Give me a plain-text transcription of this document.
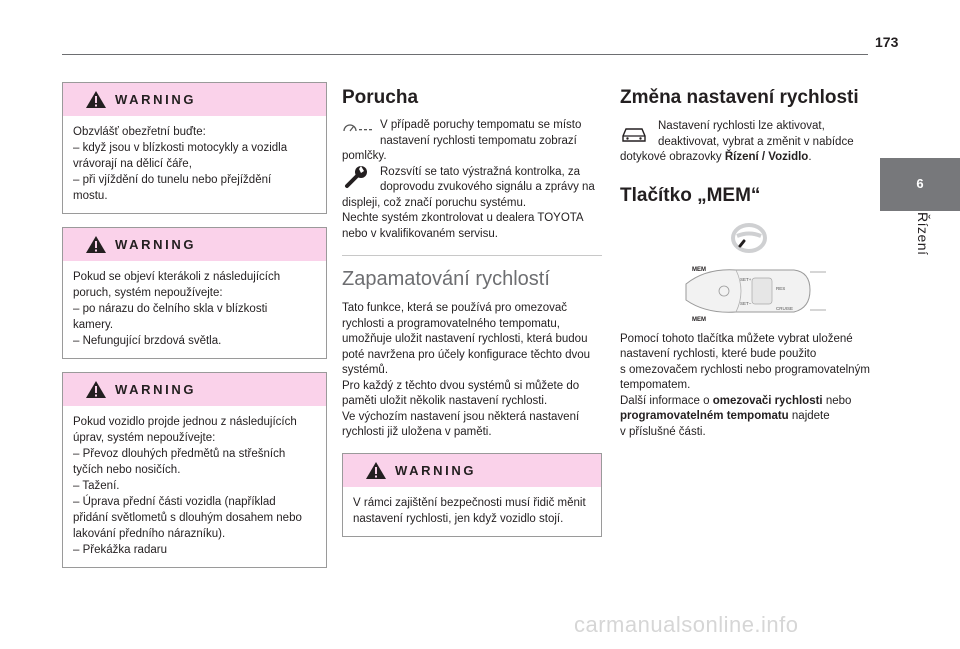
173
6
Řízení
WARNING
Obzvlášť obezřetní buďte:
– když jsou v blízkosti motocykly a vozidla
vrávorají na dělicí čáře,
– při vjíždění do tunelu nebo přejíždění
mostu.
WARNING
Pokud se objeví kterákoli z následujících
poruch, systém nepoužívejte:
– po nárazu do čelního skla v blízkosti
kamery.
– Nefungující brzdová světla.
WARNING
Pokud vozidlo projde jednou z následujících
úprav, systém nepoužívejte:
– Převoz dlouhých předmětů na střešních
tyčích nebo nosičích.
– Tažení.
– Úprava přední části vozidla (například
přidání světlometů s dlouhým dosahem nebo
lakování předního nárazníku).
– Překážka radaru
Porucha
V případě poruchy tempomatu se místo
nastavení rychlosti tempomatu zobrazí
pomlčky.
Rozsvítí se tato výstražná kontrolka, za
doprovodu zvukového signálu a zprávy na
displeji, což značí poruchu systému.
Nechte systém zkontrolovat u dealera TOYOTA
nebo v kvalifikovaném servisu.
Zapamatování rychlostí
Tato funkce, která se používá pro omezovač
rychlosti a programovatelného tempomatu,
umožňuje uložit nastavení rychlosti, která budou
poté navržena pro účely konfigurace těchto dvou
systémů.
Pro každý z těchto dvou systémů si můžete do
paměti uložit několik nastavení rychlosti.
Ve výchozím nastavení jsou některá nastavení
rychlosti již uložena v paměti.
WARNING
V rámci zajištění bezpečnosti musí řidič měnit
nastavení rychlosti, jen když vozidlo stojí.
Změna nastavení rychlosti
Nastavení rychlosti lze aktivovat,
deaktivovat, vybrat a změnit v nabídce
dotykové obrazovky Řízení / Vozidlo.
Tlačítko „MEM“
MEM
MEM
SET+
SET−
RES
CRUISE
Pomocí tohoto tlačítka můžete vybrat uložené
nastavení rychlosti, které bude použito
s omezovačem rychlosti nebo programovatelným
tempomatem.
Další informace o omezovači rychlosti nebo
programovatelném tempomatu najdete
v příslušné části.
carmanualsonline.info
